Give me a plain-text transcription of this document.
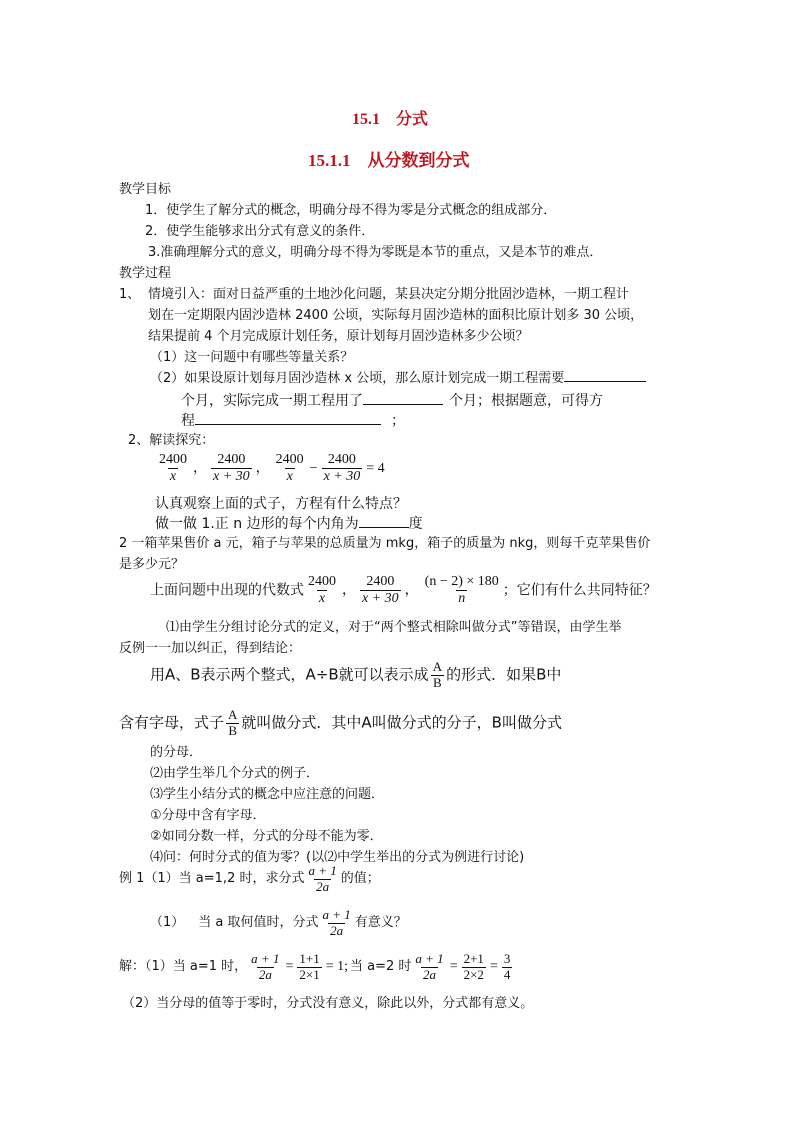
15.1　分式
15.1.1　从分数到分式
教学目标
1．使学生了解分式的概念，明确分母不得为零是分式概念的组成部分．
2．使学生能够求出分式有意义的条件．
3.准确理解分式的意义，明确分母不得为零既是本节的重点，又是本节的难点．
教学过程
1、 情境引入：面对日益严重的土地沙化问题，某县决定分期分批固沙造林，一期工程计
划在一定期限内固沙造林 2400 公顷，实际每月固沙造林的面积比原计划多 30 公顷，
结果提前 4 个月完成原计划任务，原计划每月固沙造林多少公顷？
（1）这一问题中有哪些等量关系？
（2）如果设原计划每月固沙造林 x 公顷，那么原计划完成一期工程需要
个月，实际完成一期工程用了	个月；根据题意，可得方
程	；
2、解读探究：
$\frac{2400}{x}$ ， $\frac{2400}{x + 30}$ ， $\frac{2400}{x} - \frac{2400}{x + 30} = 4$
认真观察上面的式子，方程有什么特点？
做一做 1.正 n 边形的每个内角为	度
2 一箱苹果售价 a 元，箱子与苹果的总质量为 mkg，箱子的质量为 nkg，则每千克苹果售价
是多少元？
上面问题中出现的代数式 $\frac{2400}{x}$ ， $\frac{2400}{x + 30}$ ， $\frac{(n - 2) \times 180}{n}$ ；它们有什么共同特征？
⑴由学生分组讨论分式的定义，对于“两个整式相除叫做分式”等错误，由学生举
反例一一加以纠正，得到结论：
用A、B表示两个整式，A÷B就可以表示成 $\frac{A}{B}$ 的形式．如果B中
含有字母，式子 $\frac{A}{B}$ 就叫做分式．其中A叫做分式的分子，B叫做分式
的分母．
⑵由学生举几个分式的例子．
⑶学生小结分式的概念中应注意的问题．
①分母中含有字母．
②如同分数一样，分式的分母不能为零．
⑷问：何时分式的值为零？(以⑵中学生举出的分式为例进行讨论)
例 1（1）当 a=1,2 时，求分式 $\frac{a + 1}{2a}$ 的值；
（1） 当 a 取何值时，分式 $\frac{a + 1}{2a}$ 有意义？
解：（1）当 a=1 时， $\frac{a + 1}{2a} = \frac{1+1}{2\times 1} = 1$; 当 a=2 时 $\frac{a + 1}{2a} = \frac{2+1}{2\times 2} = \frac{3}{4}$
（2）当分母的值等于零时，分式没有意义，除此以外，分式都有意义。
